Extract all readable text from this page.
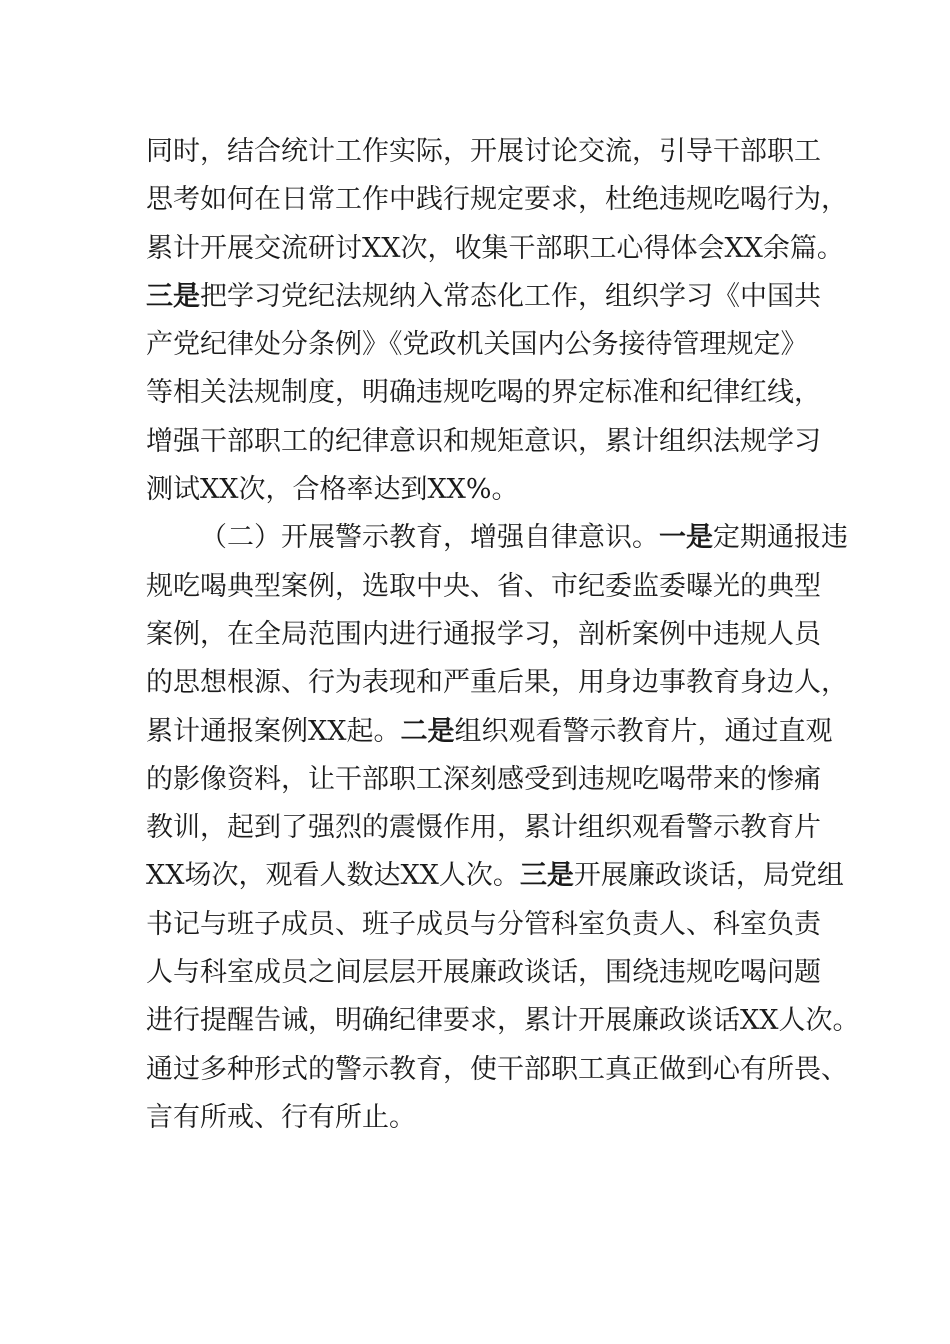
同时，结合统计工作实际，开展讨论交流，引导干部职工
思考如何在日常工作中践行规定要求，杜绝违规吃喝行为，
累计开展交流研讨XX次，收集干部职工心得体会XX余篇。
三是把学习党纪法规纳入常态化工作，组织学习《中国共
产党纪律处分条例》《党政机关国内公务接待管理规定》
等相关法规制度，明确违规吃喝的界定标准和纪律红线，
增强干部职工的纪律意识和规矩意识，累计组织法规学习
测试XX次，合格率达到XX%。
（二）开展警示教育，增强自律意识。一是定期通报违
规吃喝典型案例，选取中央、省、市纪委监委曝光的典型
案例，在全局范围内进行通报学习，剖析案例中违规人员
的思想根源、行为表现和严重后果，用身边事教育身边人，
累计通报案例XX起。二是组织观看警示教育片，通过直观
的影像资料，让干部职工深刻感受到违规吃喝带来的惨痛
教训，起到了强烈的震慑作用，累计组织观看警示教育片
XX场次，观看人数达XX人次。三是开展廉政谈话，局党组
书记与班子成员、班子成员与分管科室负责人、科室负责
人与科室成员之间层层开展廉政谈话，围绕违规吃喝问题
进行提醒告诫，明确纪律要求，累计开展廉政谈话XX人次。
通过多种形式的警示教育，使干部职工真正做到心有所畏、
言有所戒、行有所止。
